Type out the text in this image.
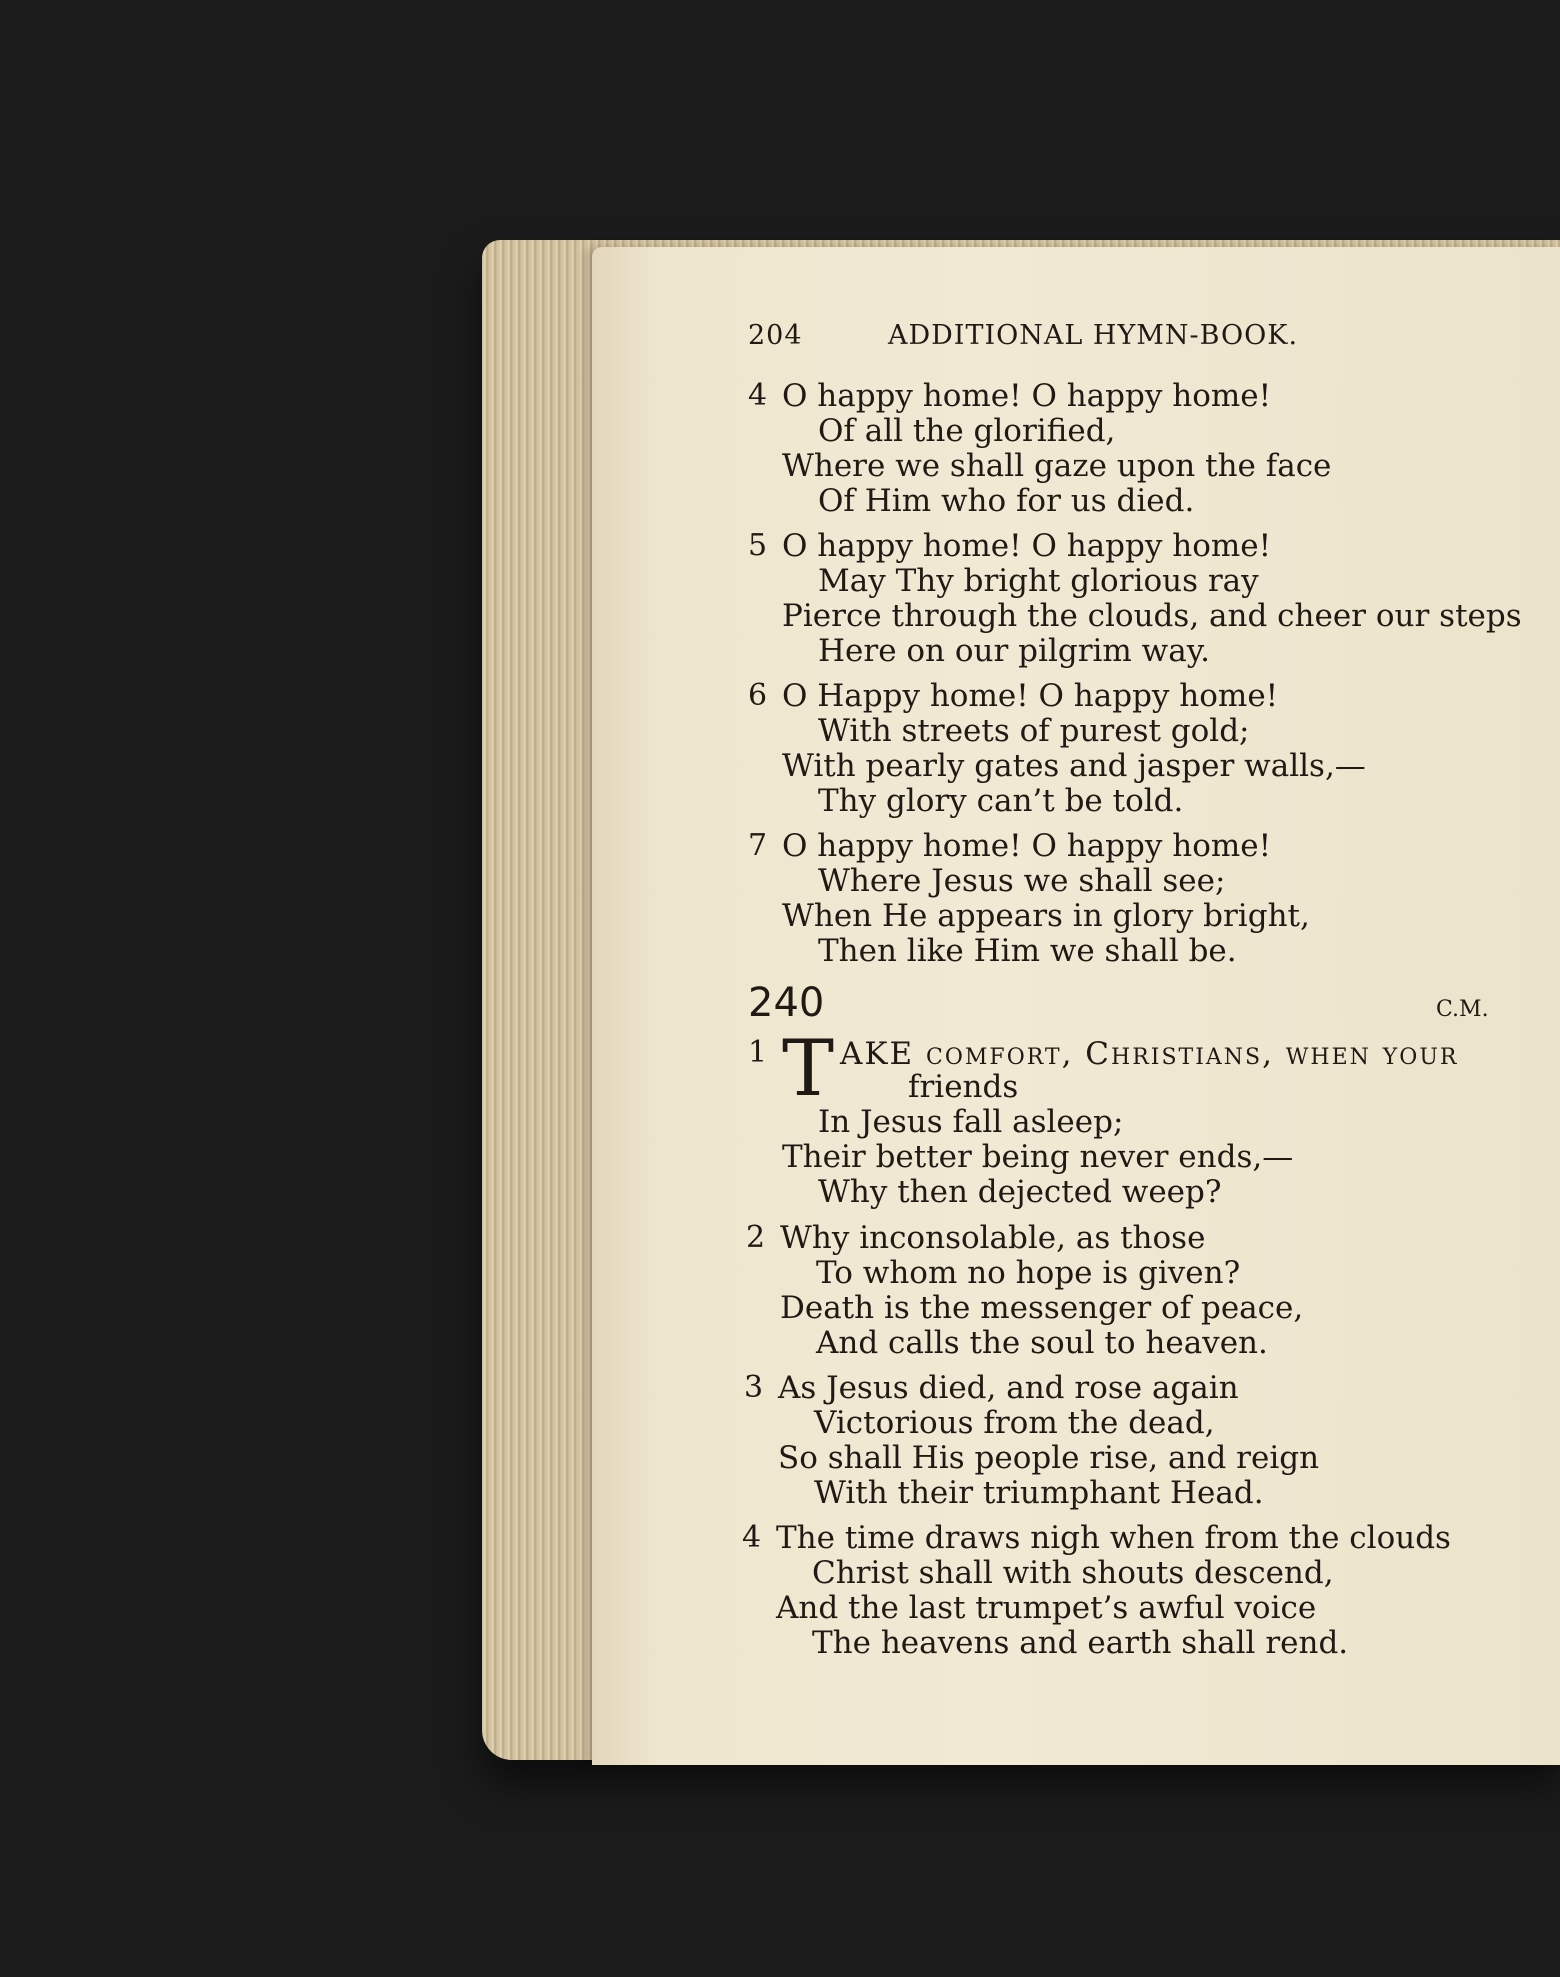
204	ADDITIONAL HYMN-BOOK.
4 O happy home! O happy home!
Of all the glorified,
Where we shall gaze upon the face
Of Him who for us died.
5 O happy home! O happy home!
May Thy bright glorious ray
Pierce through the clouds, and cheer our steps
Here on our pilgrim way.
6 O Happy home! O happy home!
With streets of purest gold;
With pearly gates and jasper walls,—
Thy glory can’t be told.
7 O happy home! O happy home!
Where Jesus we shall see;
When He appears in glory bright,
Then like Him we shall be.
240	C.M.
1 T AKE comfort, Christians, when your
friends
In Jesus fall asleep;
Their better being never ends,—
Why then dejected weep?
2 Why inconsolable, as those
To whom no hope is given?
Death is the messenger of peace,
And calls the soul to heaven.
3 As Jesus died, and rose again
Victorious from the dead,
So shall His people rise, and reign
With their triumphant Head.
4 The time draws nigh when from the clouds
Christ shall with shouts descend,
And the last trumpet’s awful voice
The heavens and earth shall rend.
